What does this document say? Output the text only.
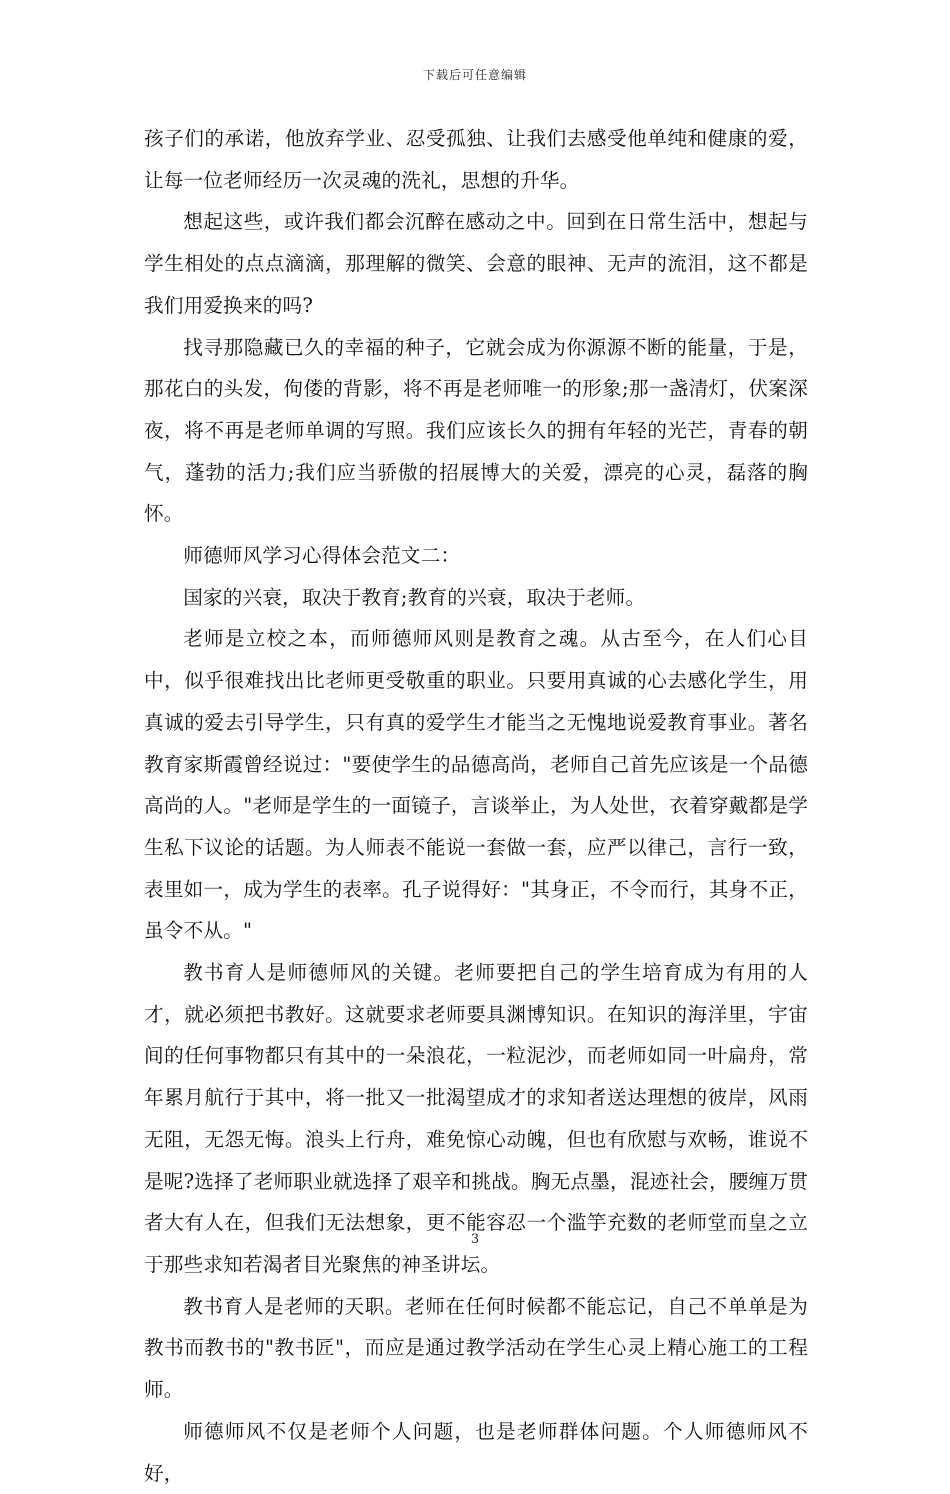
下载后可任意编辑

孩子们的承诺，他放弃学业、忍受孤独、让我们去感受他单纯和健康的爱，让每一位老师经历一次灵魂的洗礼，思想的升华。

想起这些，或许我们都会沉醉在感动之中。回到在日常生活中，想起与学生相处的点点滴滴，那理解的微笑、会意的眼神、无声的流泪，这不都是我们用爱换来的吗?

找寻那隐藏已久的幸福的种子，它就会成为你源源不断的能量，于是，那花白的头发，佝偻的背影，将不再是老师唯一的形象;那一盏清灯，伏案深夜，将不再是老师单调的写照。我们应该长久的拥有年轻的光芒，青春的朝气，蓬勃的活力;我们应当骄傲的招展博大的关爱，漂亮的心灵，磊落的胸怀。

师德师风学习心得体会范文二：

国家的兴衰，取决于教育;教育的兴衰，取决于老师。

老师是立校之本，而师德师风则是教育之魂。从古至今，在人们心目中，似乎很难找出比老师更受敬重的职业。只要用真诚的心去感化学生，用真诚的爱去引导学生，只有真的爱学生才能当之无愧地说爱教育事业。著名教育家斯霞曾经说过："要使学生的品德高尚，老师自己首先应该是一个品德高尚的人。"老师是学生的一面镜子，言谈举止，为人处世，衣着穿戴都是学生私下议论的话题。为人师表不能说一套做一套，应严以律己，言行一致，表里如一，成为学生的表率。孔子说得好："其身正，不令而行，其身不正，虽令不从。"

教书育人是师德师风的关键。老师要把自己的学生培育成为有用的人才，就必须把书教好。这就要求老师要具渊博知识。在知识的海洋里，宇宙间的任何事物都只有其中的一朵浪花，一粒泥沙，而老师如同一叶扁舟，常年累月航行于其中，将一批又一批渴望成才的求知者送达理想的彼岸，风雨无阻，无怨无悔。浪头上行舟，难免惊心动魄，但也有欣慰与欢畅，谁说不是呢?选择了老师职业就选择了艰辛和挑战。胸无点墨，混迹社会，腰缠万贯者大有人在，但我们无法想象，更不能容忍一个滥竽充数的老师堂而皇之立于那些求知若渴者目光聚焦的神圣讲坛。

教书育人是老师的天职。老师在任何时候都不能忘记，自己不单单是为教书而教书的"教书匠"，而应是通过教学活动在学生心灵上精心施工的工程师。

师德师风不仅是老师个人问题，也是老师群体问题。个人师德师风不好，

3
